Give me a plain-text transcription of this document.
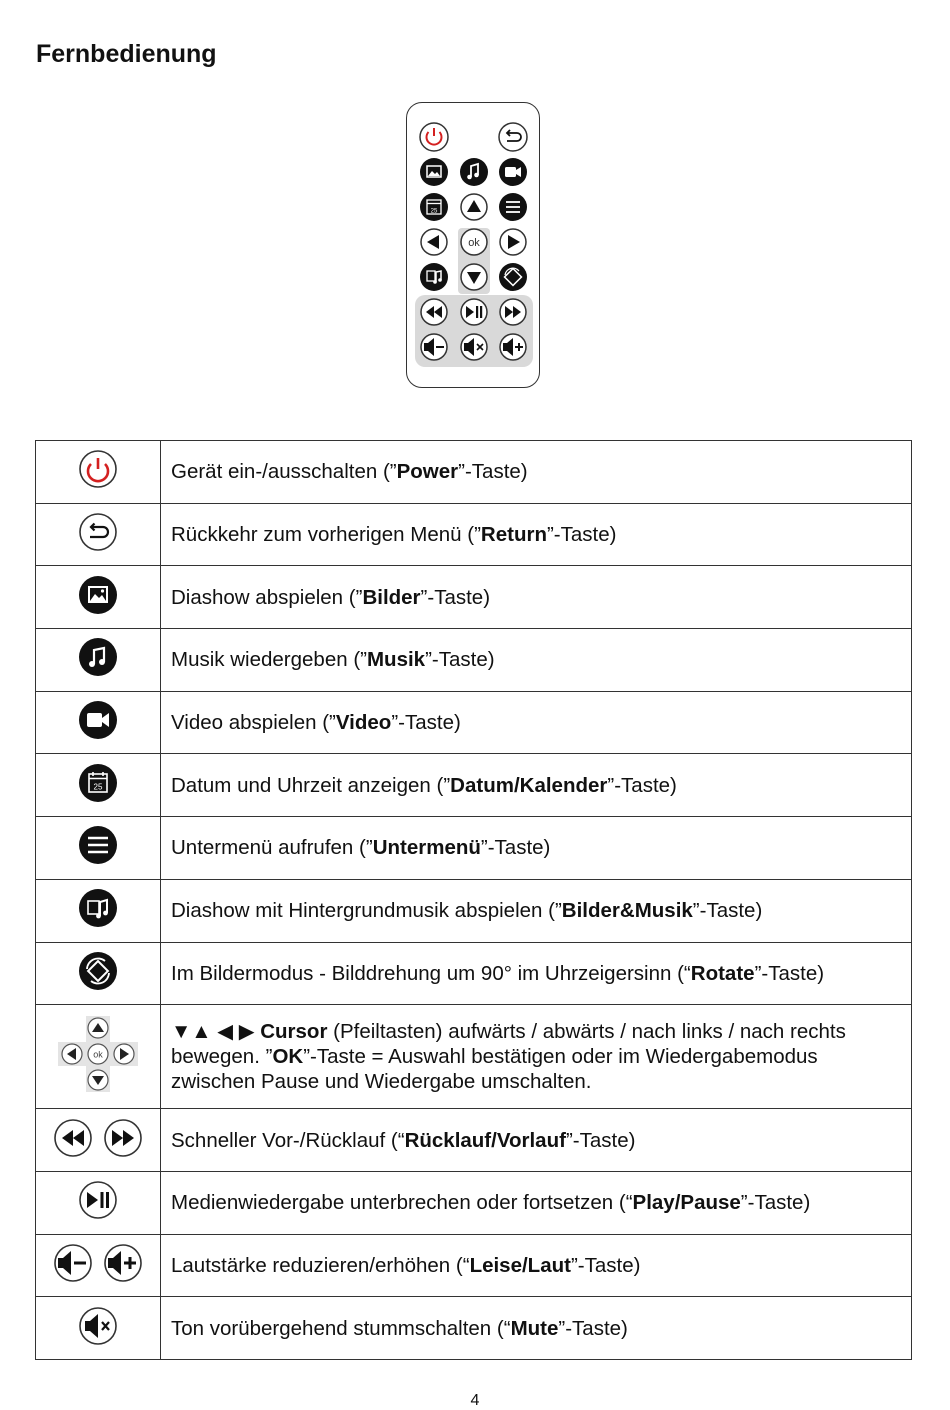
Fernbedienung
25
ok
	Gerät ein-/ausschalten (”Power”-Taste)
	Rückkehr zum vorherigen Menü (”Return”-Taste)
	Diashow abspielen (”Bilder”-Taste)
	Musik wiedergeben (”Musik”-Taste)
	Video abspielen (”Video”-Taste)

25	Datum und Uhrzeit anzeigen (”Datum/Kalender”-Taste)
	Untermenü aufrufen (”Untermenü”-Taste)
	Diashow mit Hintergrundmusik abspielen (”Bilder&Musik”-Taste)
	Im Bildermodus - Bilddrehung um 90° im Uhrzeigersinn (“Rotate”-Taste)

ok	▼▲ ◀ ▶ Cursor (Pfeiltasten) aufwärts / abwärts / nach links / nach rechts bewegen. ”OK”-Taste = Auswahl bestätigen oder im Wiedergabemodus zwischen Pause und Wiedergabe umschalten.

	Schneller Vor-/Rücklauf (“Rücklauf/Vorlauf”-Taste)
	Medienwiedergabe unterbrechen oder fortsetzen (“Play/Pause”-Taste)

	Lautstärke reduzieren/erhöhen (“Leise/Laut”-Taste)
	Ton vorübergehend stummschalten (“Mute”-Taste)
4
